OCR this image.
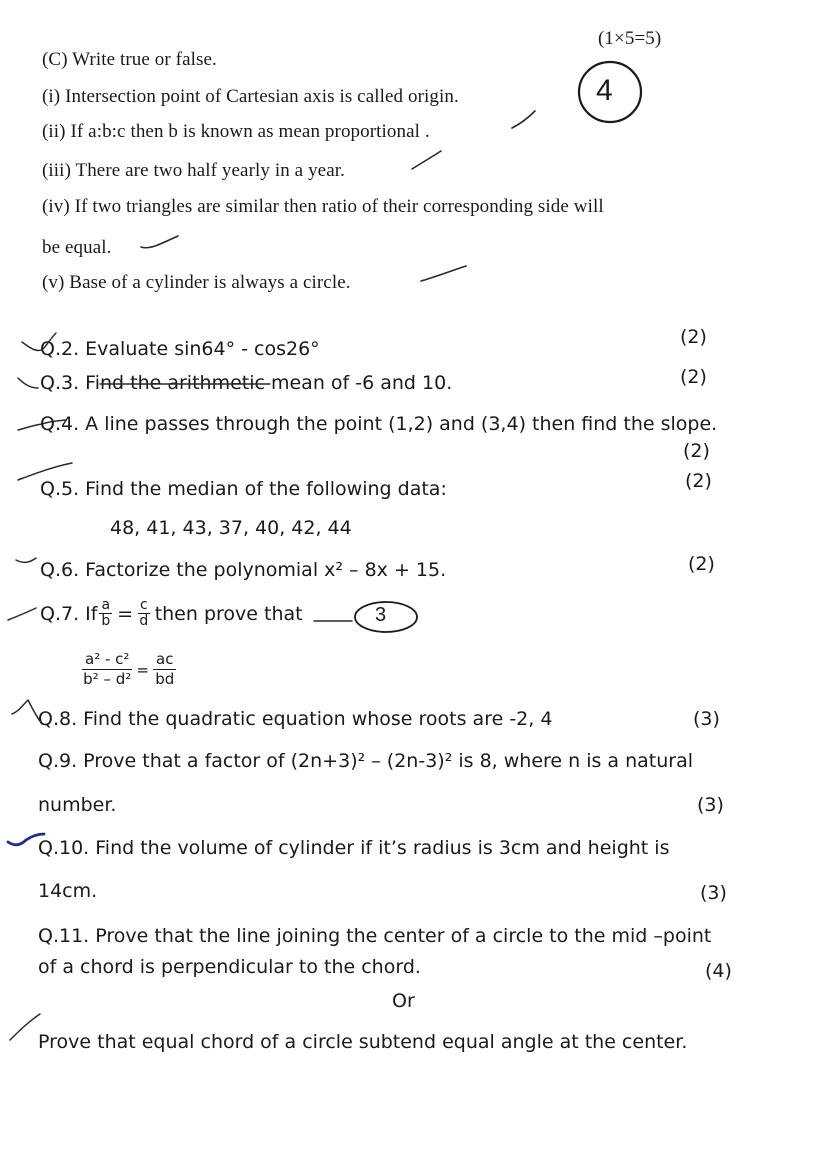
(1×5=5)
(C) Write true or false.
(i) Intersection point of Cartesian axis is called origin.
(ii) If a:b:c then b is known as mean proportional .
(iii) There are two half yearly in a year.
(iv) If two triangles are similar then ratio of their corresponding side will
be equal.
(v) Base of a cylinder is always a circle.
4
Q.2. Evaluate sin64° - cos26°
(2)
Q.3. Find the arithmetic mean of -6 and 10.	(2)
Q.4. A line passes through the point (1,2) and (3,4) then find the slope.
(2)
Q.5. Find the median of the following data:	(2)
48, 41, 43, 37, 40, 42, 44
Q.6. Factorize the polynomial x² – 8x + 15.	(2)
Q.7. If $\frac{a}{b} = \frac{c}{d}$ then prove that	3
$\frac{\text{a² - c²}}{\text{b² – d²}} = \frac{ac}{bd}$
Q.8. Find the quadratic equation whose roots are -2, 4	(3)
Q.9. Prove that a factor of (2n+3)² – (2n-3)² is 8, where n is a natural
number.	(3)
Q.10. Find the volume of cylinder if it’s radius is 3cm and height is
14cm.	(3)
Q.11. Prove that the line joining the center of a circle to the mid –point
of a chord is perpendicular to the chord.	(4)
Or
Prove that equal chord of a circle subtend equal angle at the center.
